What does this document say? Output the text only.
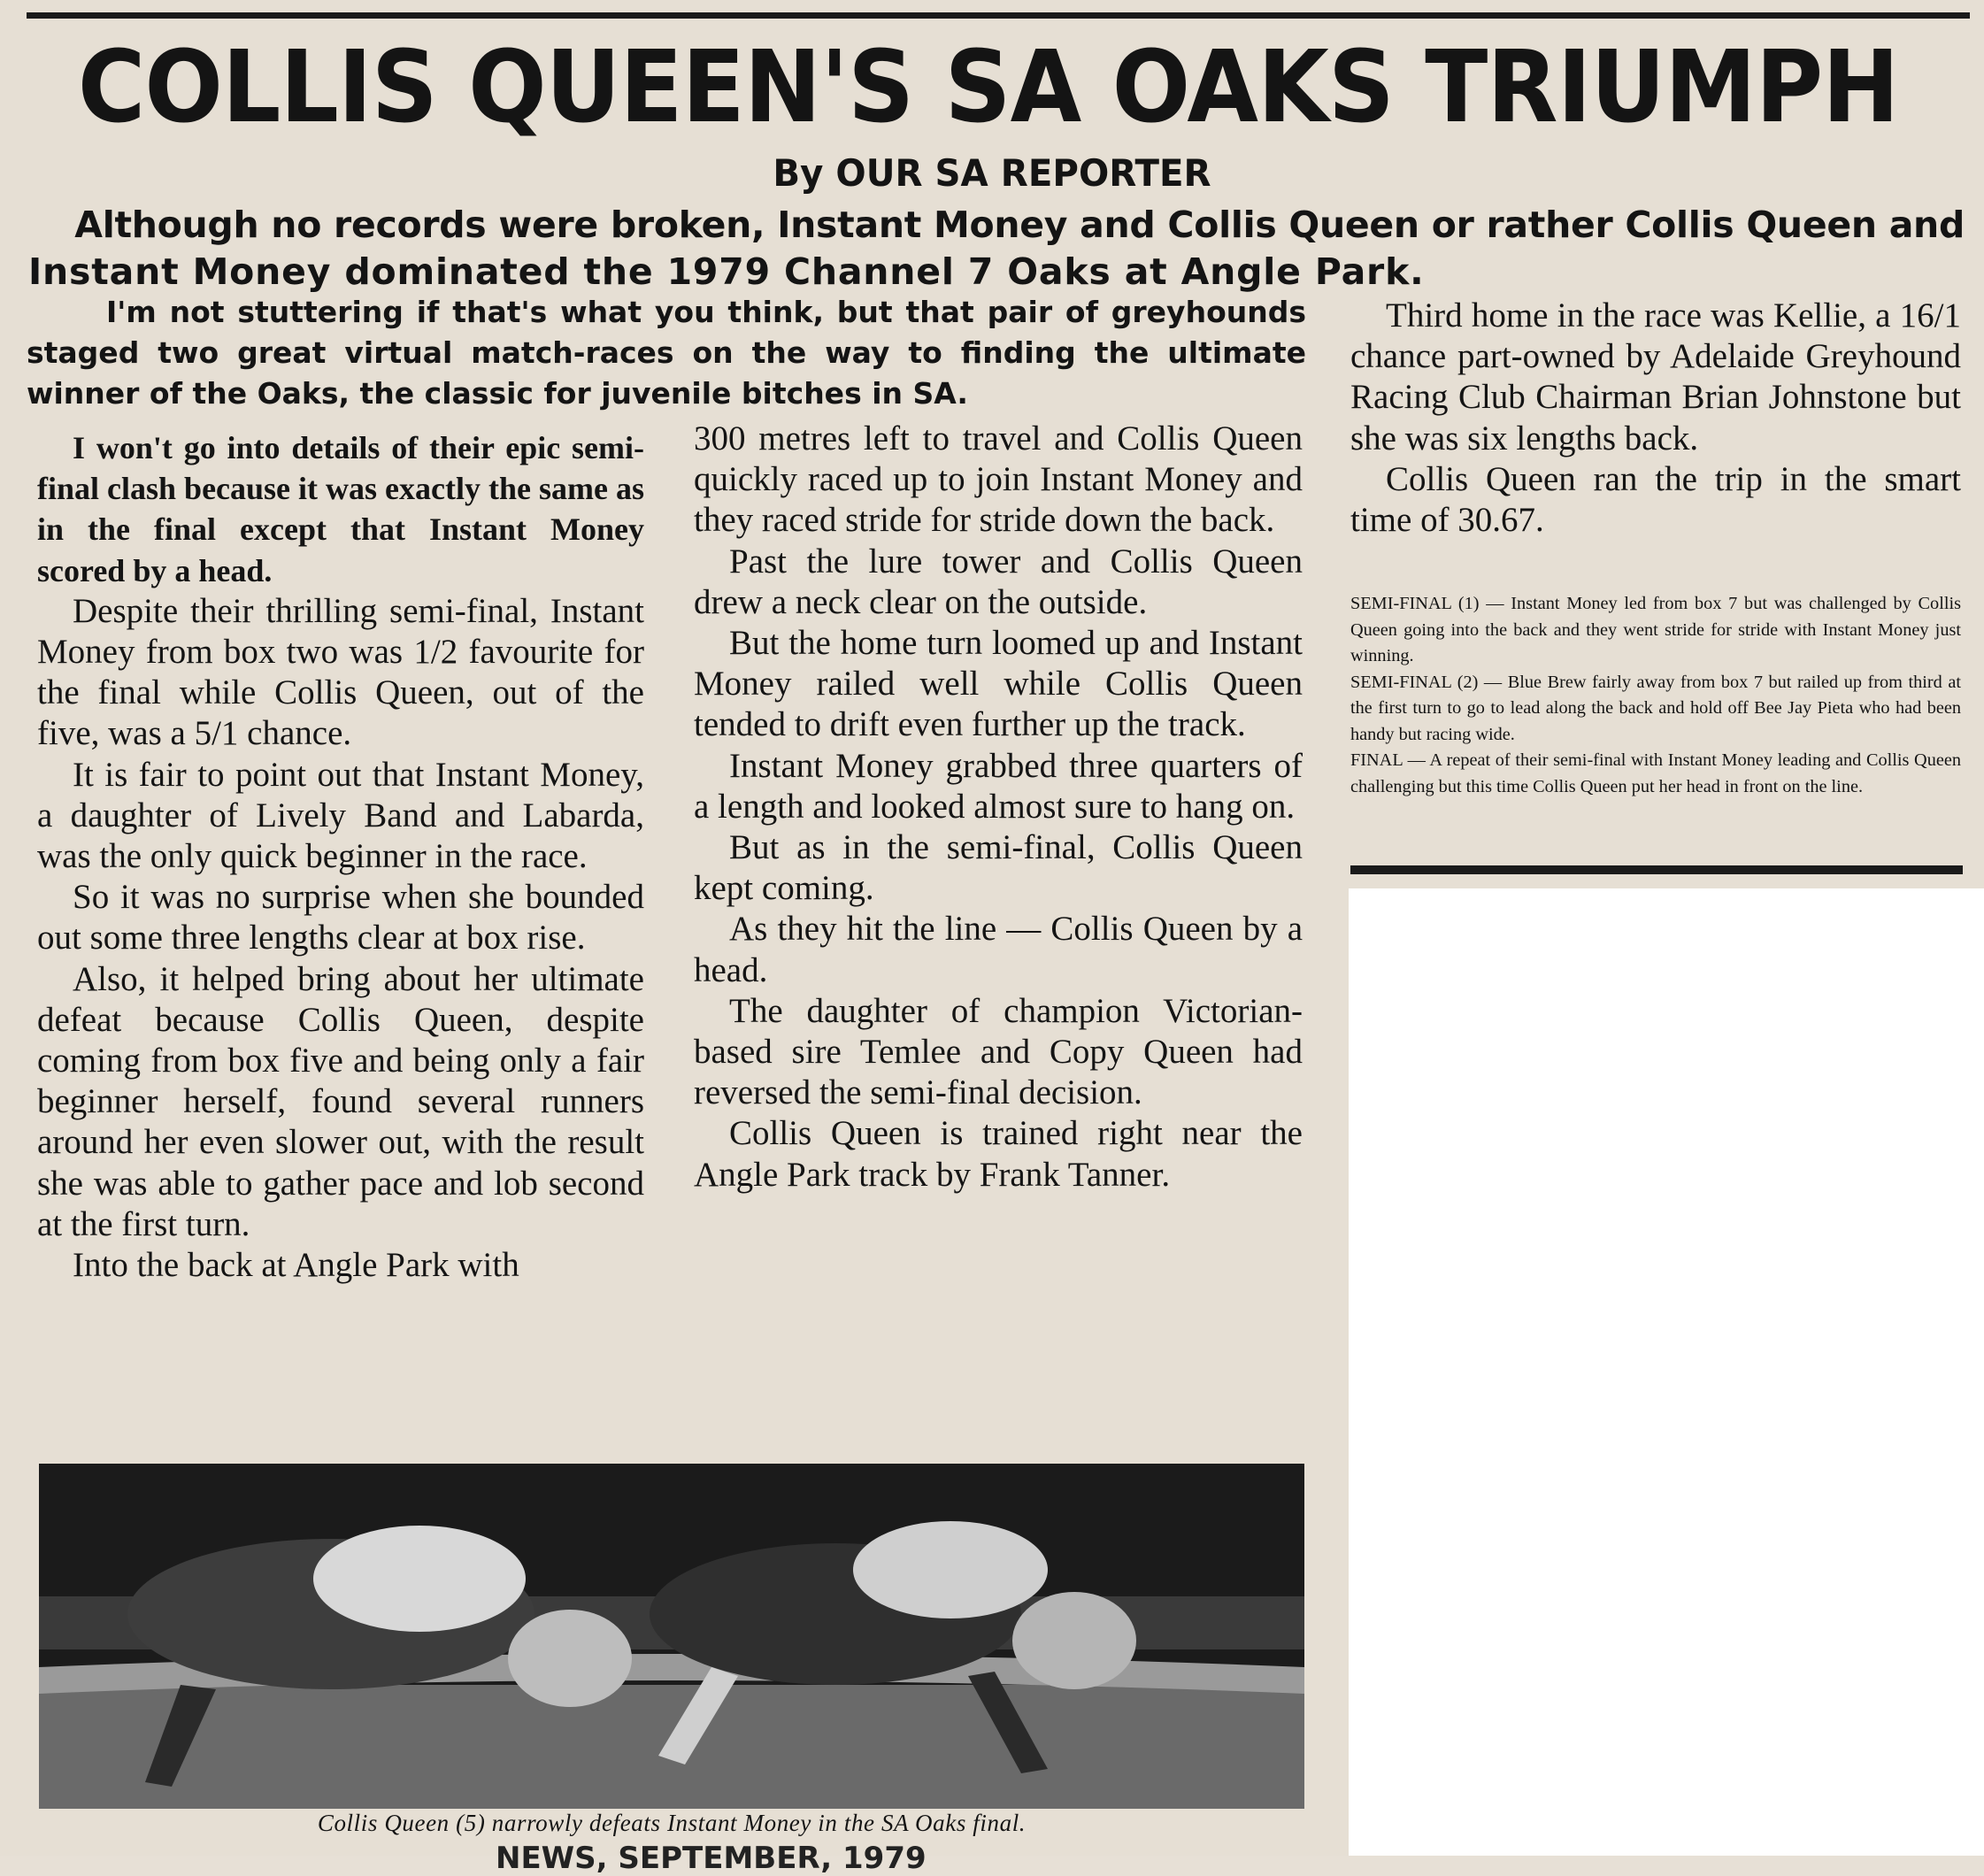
COLLIS QUEEN'S SA OAKS TRIUMPH
By OUR SA REPORTER
Although no records were broken, Instant Money and Collis Queen or rather Collis Queen and
Instant Money dominated the 1979 Channel 7 Oaks at Angle Park.
I'm not stuttering if that's what you think, but that pair of greyhounds staged two great virtual match-races on the way to finding the ultimate winner of the Oaks, the classic for juvenile bitches in SA.

I won't go into details of their epic semi-final clash because it was exactly the same as in the final except that Instant Money scored by a head.

Despite their thrilling semi-final, Instant Money from box two was 1/2 favourite for the final while Collis Queen, out of the five, was a 5/1 chance.

It is fair to point out that Instant Money, a daughter of Lively Band and Labarda, was the only quick beginner in the race.

So it was no surprise when she bounded out some three lengths clear at box rise.

Also, it helped bring about her ultimate defeat because Collis Queen, despite coming from box five and being only a fair beginner herself, found several runners around her even slower out, with the result she was able to gather pace and lob second at the first turn.

Into the back at Angle Park with

300 metres left to travel and Collis Queen quickly raced up to join Instant Money and they raced stride for stride down the back.

Past the lure tower and Collis Queen drew a neck clear on the outside.

But the home turn loomed up and Instant Money railed well while Collis Queen tended to drift even further up the track.

Instant Money grabbed three quarters of a length and looked almost sure to hang on.

But as in the semi-final, Collis Queen kept coming.

As they hit the line — Collis Queen by a head.

The daughter of champion Victorian-based sire Temlee and Copy Queen had reversed the semi-final decision.

Collis Queen is trained right near the Angle Park track by Frank Tanner.

Third home in the race was Kellie, a 16/1 chance part-owned by Adelaide Greyhound Racing Club Chairman Brian Johnstone but she was six lengths back.

Collis Queen ran the trip in the smart time of 30.67.

SEMI-FINAL (1) — Instant Money led from box 7 but was challenged by Collis Queen going into the back and they went stride for stride with Instant Money just winning.

SEMI-FINAL (2) — Blue Brew fairly away from box 7 but railed up from third at the first turn to go to lead along the back and hold off Bee Jay Pieta who had been handy but racing wide.

FINAL — A repeat of their semi-final with Instant Money leading and Collis Queen challenging but this time Collis Queen put her head in front on the line.

Collis Queen (5) narrowly defeats Instant Money in the SA Oaks final.
NEWS, SEPTEMBER, 1979
